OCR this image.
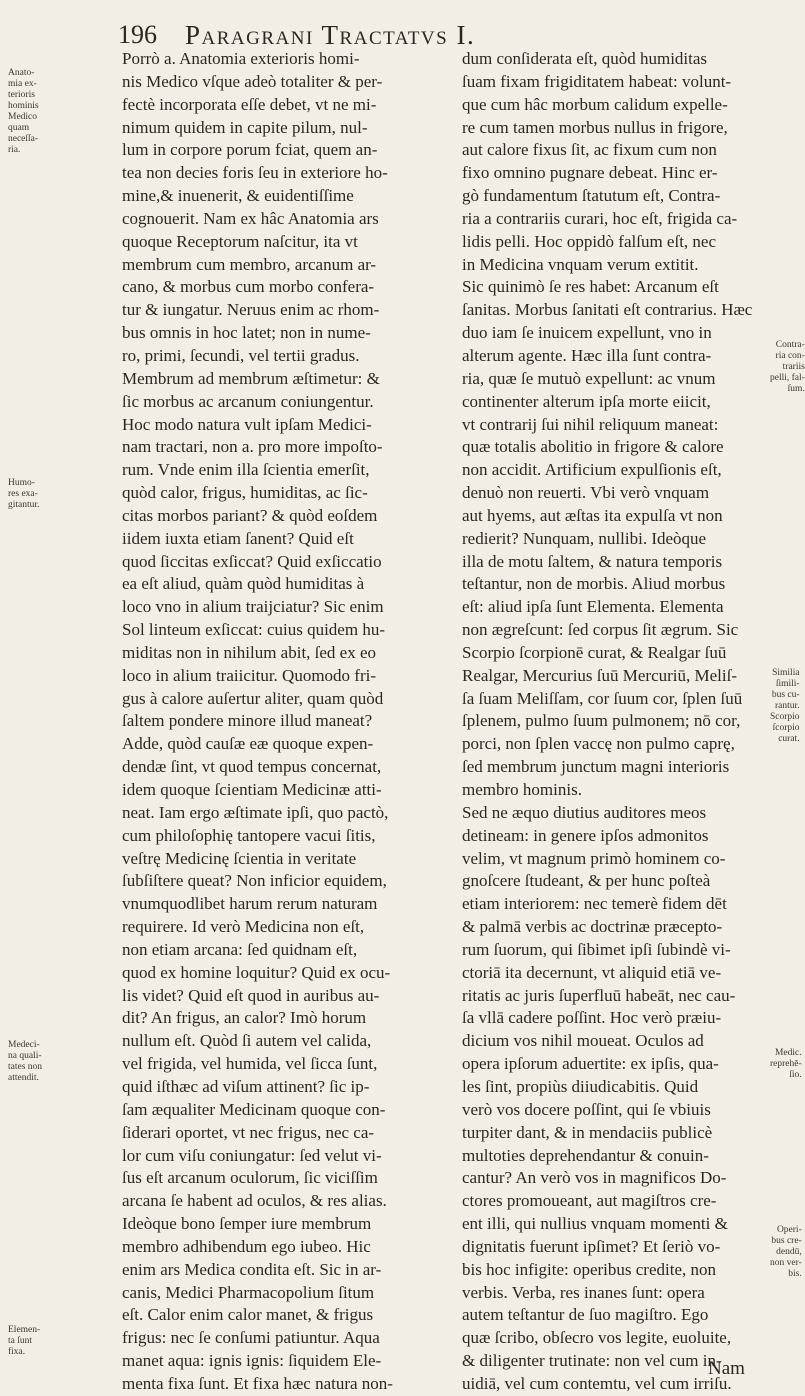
196 Paragrani Tractatvs I.
Porrò a. Anatomia exterioris homi-
nis Medico vſque adeò totaliter & per-
fectè incorporata eſſe debet, vt ne mi-
nimum quidem in capite pilum, nul-
lum in corpore porum fciat, quem an-
tea non decies foris ſeu in exteriore ho-
mine,& inuenerit, & euidentiſſime
cognouerit. Nam ex hâc Anatomia ars
quoque Receptorum naſcitur, ita vt
membrum cum membro, arcanum ar-
cano, & morbus cum morbo confera-
tur & iungatur. Neruus enim ac rhom-
bus omnis in hoc latet; non in nume-
ro, primi, ſecundi, vel tertii gradus.
Membrum ad membrum æſtimetur: &
ſic morbus ac arcanum coniungentur.
Hoc modo natura vult ipſam Medici-
nam tractari, non a. pro more impoſto-
rum. Vnde enim illa ſcientia emerſit,
quòd calor, frigus, humiditas, ac ſic-
citas morbos pariant? & quòd eoſdem
iidem iuxta etiam ſanent? Quid eſt
quod ſiccitas exſiccat? Quid exſiccatio
ea eſt aliud, quàm quòd humiditas à
loco vno in alium traijciatur? Sic enim
Sol linteum exſiccat: cuius quidem hu-
miditas non in nihilum abit, ſed ex eo
loco in alium traiicitur. Quomodo fri-
gus à calore auſertur aliter, quam quòd
ſaltem pondere minore illud maneat?
Adde, quòd cauſæ eæ quoque expen-
dendæ ſint, vt quod tempus concernat,
idem quoque ſcientiam Medicinæ atti-
neat. Iam ergo æſtimate ipſi, quo pactò,
cum philoſophię tantopere vacui ſitis,
veſtrę Medicinę ſcientia in veritate
ſubſiſtere queat? Non inficior equidem,
vnumquodlibet harum rerum naturam
requirere. Id verò Medicina non eſt,
non etiam arcana: ſed quidnam eſt,
quod ex homine loquitur? Quid ex ocu-
lis videt? Quid eſt quod in auribus au-
dit? An frigus, an calor? Imò horum
nullum eſt. Quòd ſi autem vel calida,
vel frigida, vel humida, vel ſicca ſunt,
quid iſthæc ad viſum attinent? ſic ip-
ſam æqualiter Medicinam quoque con-
ſiderari oportet, vt nec frigus, nec ca-
lor cum viſu coniungatur: ſed velut vi-
ſus eſt arcanum oculorum, ſic viciſſim
arcana ſe habent ad oculos, & res alias.
Ideòque bono ſemper iure membrum
membro adhibendum ego iubeo. Hic
enim ars Medica condita eſt. Sic in ar-
canis, Medici Pharmacopolium ſitum
eſt. Calor enim calor manet, & frigus
frigus: nec ſe conſumi patiuntur. Aqua
manet aqua: ignis ignis: ſiquidem Ele-
menta fixa ſunt. Et fixa hæc natura non-
dum conſiderata eſt, quòd humiditas
ſuam fixam frigiditatem habeat: volunt-
que cum hâc morbum calidum expelle-
re cum tamen morbus nullus in frigore,
aut calore fixus ſit, ac fixum cum non
fixo omnino pugnare debeat. Hinc er-
gò fundamentum ſtatutum eſt, Contra-
ria a contrariis curari, hoc eſt, frigida ca-
lidis pelli. Hoc oppidò falſum eſt, nec
in Medicina vnquam verum extitit.
Sic quinimò ſe res habet: Arcanum eſt
ſanitas. Morbus ſanitati eſt contrarius. Hæc
duo iam ſe inuicem expellunt, vno in
alterum agente. Hæc illa ſunt contra-
ria, quæ ſe mutuò expellunt: ac vnum
continenter alterum ipſa morte eiicit,
vt contrarij ſui nihil reliquum maneat:
quæ totalis abolitio in frigore & calore
non accidit. Artificium expulſionis eſt,
denuò non reuerti. Vbi verò vnquam
aut hyems, aut æſtas ita expulſa vt non
redierit? Nunquam, nullibi. Ideòque
illa de motu ſaltem, & natura temporis
teſtantur, non de morbis. Aliud morbus
eſt: aliud ipſa ſunt Elementa. Elementa
non ægreſcunt: ſed corpus ſit ægrum. Sic
Scorpio ſcorpionē curat, & Realgar ſuū
Realgar, Mercurius ſuū Mercuriū, Meliſ-
ſa ſuam Meliſſam, cor ſuum cor, ſplen ſuū
ſplenem, pulmo ſuum pulmonem; nō cor,
porci, non ſplen vaccę non pulmo caprę,
ſed membrum junctum magni interioris
membro hominis.
Sed ne æquo diutius auditores meos
detineam: in genere ipſos admonitos
velim, vt magnum primò hominem co-
gnoſcere ſtudeant, & per hunc poſteà
etiam interiorem: nec temerè fidem dēt
& palmā verbis ac doctrinæ præcepto-
rum ſuorum, qui ſibimet ipſi ſubindè vi-
ctoriā ita decernunt, vt aliquid etiā ve-
ritatis ac juris ſuperfluū habeāt, nec cau-
ſa vllā cadere poſſint. Hoc verò præiu-
dicium vos nihil moueat. Oculos ad
opera ipſorum aduertite: ex ipſis, qua-
les ſint, propiùs diiudicabitis. Quid
verò vos docere poſſint, qui ſe vbiuis
turpiter dant, & in mendaciis publicè
multoties deprehendantur & conuin-
cantur? An verò vos in magnificos Do-
ctores promoueant, aut magiſtros cre-
ent illi, qui nullius vnquam momenti &
dignitatis fuerunt ipſimet? Et ſeriò vo-
bis hoc infigite: operibus credite, non
verbis. Verba, res inanes ſunt: opera
autem teſtantur de ſuo magiſtro. Ego
quæ ſcribo, obſecro vos legite, euoluite,
& diligenter trutinate: non vel cum in-
uidiā, vel cum contemtu, vel cum irriſu.
Anato-
mia ex-
terioris
hominis
Medico
quam
neceſſa-
ria.
Humo-
res exa-
gitantur.
Medeci-
na quali-
tates non
attendit.
Elemen-
ta ſunt
fixa.
Contra-
ria con-
trariis
pelli, fal-
ſum.
Similia
ſimili-
bus cu-
rantur.
Scorpio
ſcorpio
curat.
Medic.
reprehē-
ſio.
Operi-
bus cre-
dendū,
non ver-
bis.
Nam
